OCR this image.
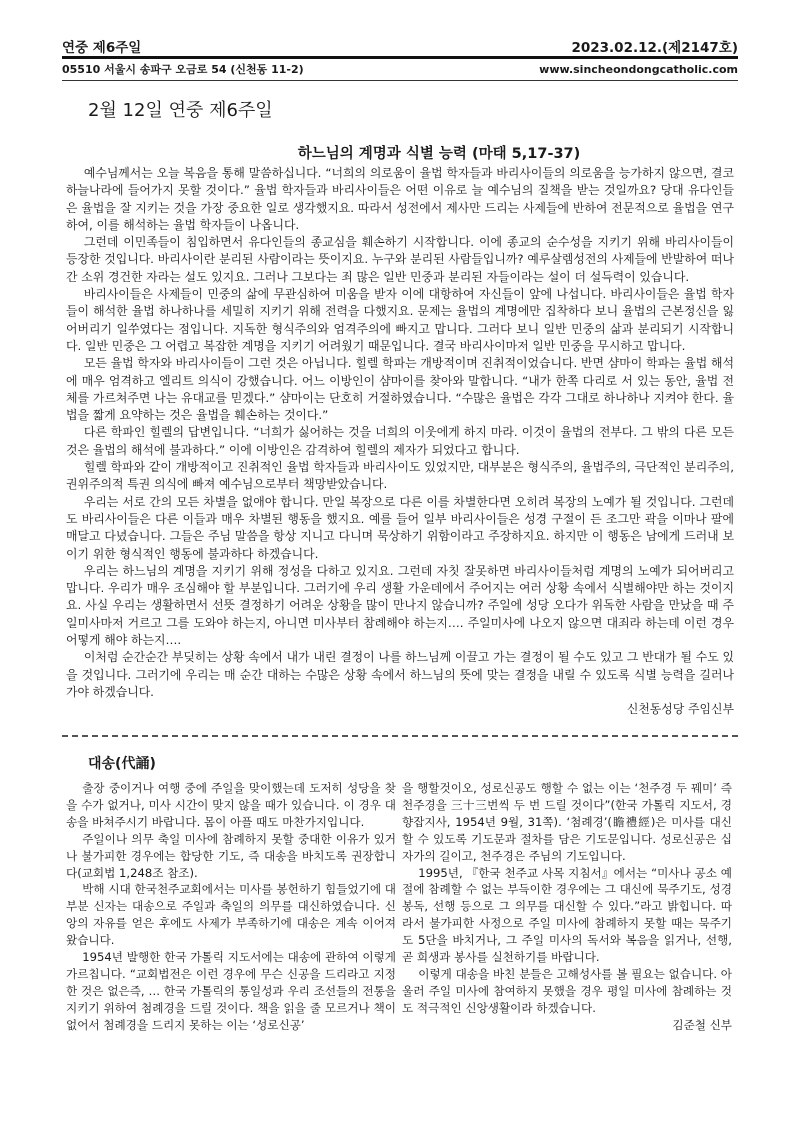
연중 제6주일	2023.02.12.(제2147호)
05510 서울시 송파구 오금로 54 (신천동 11-2)	www.sincheondongcatholic.com
2월 12일 연중 제6주일
하느님의 계명과 식별 능력 (마태 5,17-37)

예수님께서는 오늘 복음을 통해 말씀하십니다. “너희의 의로움이 율법 학자들과 바리사이들의 의로움을 능가하지 않으면, 결코 하늘나라에 들어가지 못할 것이다.” 율법 학자들과 바리사이들은 어떤 이유로 늘 예수님의 질책을 받는 것일까요? 당대 유다인들은 율법을 잘 지키는 것을 가장 중요한 일로 생각했지요. 따라서 성전에서 제사만 드리는 사제들에 반하여 전문적으로 율법을 연구하여, 이를 해석하는 율법 학자들이 나옵니다.

그런데 이민족들이 침입하면서 유다인들의 종교심을 훼손하기 시작합니다. 이에 종교의 순수성을 지키기 위해 바리사이들이 등장한 것입니다. 바리사이란 분리된 사람이라는 뜻이지요. 누구와 분리된 사람들입니까? 예루살렘성전의 사제들에 반발하여 떠나간 소위 경건한 자라는 설도 있지요. 그러나 그보다는 죄 많은 일반 민중과 분리된 자들이라는 설이 더 설득력이 있습니다.

바리사이들은 사제들이 민중의 삶에 무관심하여 미움을 받자 이에 대항하여 자신들이 앞에 나섭니다. 바리사이들은 율법 학자들이 해석한 율법 하나하나를 세밀히 지키기 위해 전력을 다했지요. 문제는 율법의 계명에만 집착하다 보니 율법의 근본정신을 잃어버리기 일쑤였다는 점입니다. 지독한 형식주의와 엄격주의에 빠지고 맙니다. 그러다 보니 일반 민중의 삶과 분리되기 시작합니다. 일반 민중은 그 어렵고 복잡한 계명을 지키기 어려웠기 때문입니다. 결국 바리사이마저 일반 민중을 무시하고 맙니다.

모든 율법 학자와 바리사이들이 그런 것은 아닙니다. 힐렐 학파는 개방적이며 진취적이었습니다. 반면 샴마이 학파는 율법 해석에 매우 엄격하고 엘리트 의식이 강했습니다. 어느 이방인이 샴마이를 찾아와 말합니다. “내가 한쪽 다리로 서 있는 동안, 율법 전체를 가르쳐주면 나는 유대교를 믿겠다.” 샴마이는 단호히 거절하였습니다. “수많은 율법은 각각 그대로 하나하나 지켜야 한다. 율법을 짧게 요약하는 것은 율법을 훼손하는 것이다.”

다른 학파인 힐렐의 답변입니다. “너희가 싫어하는 것을 너희의 이웃에게 하지 마라. 이것이 율법의 전부다. 그 밖의 다른 모든 것은 율법의 해석에 불과하다.” 이에 이방인은 감격하여 힐렐의 제자가 되었다고 합니다.

힐렐 학파와 같이 개방적이고 진취적인 율법 학자들과 바리사이도 있었지만, 대부분은 형식주의, 율법주의, 극단적인 분리주의, 권위주의적 특권 의식에 빠져 예수님으로부터 책망받았습니다.

우리는 서로 간의 모든 차별을 없애야 합니다. 만일 복장으로 다른 이를 차별한다면 오히려 복장의 노예가 될 것입니다. 그런데도 바리사이들은 다른 이들과 매우 차별된 행동을 했지요. 예를 들어 일부 바리사이들은 성경 구절이 든 조그만 곽을 이마나 팔에 매달고 다녔습니다. 그들은 주님 말씀을 항상 지니고 다니며 묵상하기 위함이라고 주장하지요. 하지만 이 행동은 남에게 드러내 보이기 위한 형식적인 행동에 불과하다 하겠습니다.

우리는 하느님의 계명을 지키기 위해 정성을 다하고 있지요. 그런데 자칫 잘못하면 바리사이들처럼 계명의 노예가 되어버리고 맙니다. 우리가 매우 조심해야 할 부분입니다. 그러기에 우리 생활 가운데에서 주어지는 여러 상황 속에서 식별해야만 하는 것이지요. 사실 우리는 생활하면서 선뜻 결정하기 어려운 상황을 많이 만나지 않습니까? 주일에 성당 오다가 위독한 사람을 만났을 때 주일미사마저 거르고 그를 도와야 하는지, 아니면 미사부터 참례해야 하는지…. 주일미사에 나오지 않으면 대죄라 하는데 이런 경우 어떻게 해야 하는지….

이처럼 순간순간 부딪히는 상황 속에서 내가 내린 결정이 나를 하느님께 이끌고 가는 결정이 될 수도 있고 그 반대가 될 수도 있을 것입니다. 그러기에 우리는 매 순간 대하는 수많은 상황 속에서 하느님의 뜻에 맞는 결정을 내릴 수 있도록 식별 능력을 길러나가야 하겠습니다.

신천동성당 주임신부
대송(代誦)

출장 중이거나 여행 중에 주일을 맞이했는데 도저히 성당을 찾을 수가 없거나, 미사 시간이 맞지 않을 때가 있습니다. 이 경우 대송을 바쳐주시기 바랍니다. 몸이 아플 때도 마찬가지입니다.

주일이나 의무 축일 미사에 참례하지 못할 중대한 이유가 있거나 불가피한 경우에는 합당한 기도, 즉 대송을 바치도록 권장합니다(교회법 1,248조 참조).

박해 시대 한국천주교회에서는 미사를 봉헌하기 힘들었기에 대부분 신자는 대송으로 주일과 축일의 의무를 대신하였습니다. 신앙의 자유를 얻은 후에도 사제가 부족하기에 대송은 계속 이어져 왔습니다.

1954년 발행한 한국 가톨릭 지도서에는 대송에 관하여 이렇게 가르칩니다. “교회법전은 이런 경우에 무슨 신공을 드리라고 지정한 것은 없은즉, … 한국 가톨릭의 통일성과 우리 조선들의 전통을 지키기 위하여 첨례경을 드릴 것이다. 책을 읽을 줄 모르거나 책이 없어서 첨례경을 드리지 못하는 이는 ‘성로신공’

을 행할것이오, 성로신공도 행할 수 없는 이는 ‘천주경 두 꿰미’ 즉 천주경을 三十三번씩 두 번 드릴 것이다”(한국 가톨릭 지도서, 경향잡지사, 1954년 9월, 31쪽). ‘첨례경’(瞻禮經)은 미사를 대신할 수 있도록 기도문과 절차를 담은 기도문입니다. 성로신공은 십자가의 길이고, 천주경은 주님의 기도입니다.

1995년, 『한국 천주교 사목 지침서』에서는 “미사나 공소 예절에 참례할 수 없는 부득이한 경우에는 그 대신에 묵주기도, 성경 봉독, 선행 등으로 그 의무를 대신할 수 있다.”라고 밝힙니다. 따라서 불가피한 사정으로 주일 미사에 참례하지 못할 때는 묵주기도 5단을 바치거나, 그 주일 미사의 독서와 복음을 읽거나, 선행, 곧 희생과 봉사를 실천하기를 바랍니다.

이렇게 대송을 바친 분들은 고해성사를 볼 필요는 없습니다. 아울러 주일 미사에 참여하지 못했을 경우 평일 미사에 참례하는 것도 적극적인 신앙생활이라 하겠습니다.

김준철 신부
